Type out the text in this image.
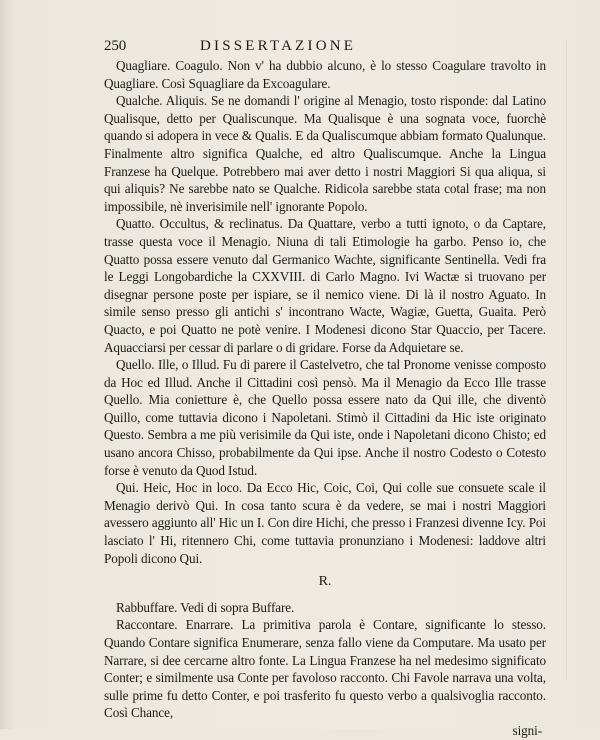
250	DISSERTAZIONE

Quagliare. Coagulo. Non v' ha dubbio alcuno, è lo stesso Coagulare travolto in Quagliare. Così Squagliare da Excoagulare.

Qualche. Aliquis. Se ne domandi l' origine al Menagio, tosto risponde: dal Latino Qualisque, detto per Qualiscunque. Ma Qualisque è una sognata voce, fuorchè quando si adopera in vece & Qualis. E da Qualiscumque abbiam formato Qualunque. Finalmente altro significa Qualche, ed altro Qualiscumque. Anche la Lingua Franzese ha Quelque. Potrebbero mai aver detto i nostri Maggiori Si qua aliqua, si qui aliquis? Ne sarebbe nato se Qualche. Ridicola sarebbe stata cotal frase; ma non impossibile, nè inverisimile nell' ignorante Popolo.

Quatto. Occultus, & reclinatus. Da Quattare, verbo a tutti ignoto, o da Captare, trasse questa voce il Menagio. Niuna di tali Etimologie ha garbo. Penso io, che Quatto possa essere venuto dal Germanico Wachte, significante Sentinella. Vedi fra le Leggi Longobardiche la CXXVIII. di Carlo Magno. Ivi Wactæ si truovano per disegnar persone poste per ispiare, se il nemico viene. Di là il nostro Aguato. In simile senso presso gli antichi s' incontrano Wacte, Wagiæ, Guetta, Guaita. Però Quacto, e poi Quatto ne potè venire. I Modenesi dicono Star Quaccio, per Tacere. Aquacciarsi per cessar di parlare o di gridare. Forse da Adquietare se.

Quello. Ille, o Illud. Fu di parere il Castelvetro, che tal Pronome venisse composto da Hoc ed Illud. Anche il Cittadini così pensò. Ma il Menagio da Ecco Ille trasse Quello. Mia conietture è, che Quello possa essere nato da Qui ille, che diventò Quillo, come tuttavia dicono i Napoletani. Stimò il Cittadini da Hic iste originato Questo. Sembra a me più verisimile da Qui iste, onde i Napoletani dicono Chisto; ed usano ancora Chisso, probabilmente da Qui ipse. Anche il nostro Codesto o Cotesto forse è venuto da Quod Istud.

Qui. Heic, Hoc in loco. Da Ecco Hic, Coic, Coi, Qui colle sue consuete scale il Menagio derivò Qui. In cosa tanto scura è da vedere, se mai i nostri Maggiori avessero aggiunto all' Hic un I. Con dire Hichi, che presso i Franzesi divenne Icy. Poi lasciato l' Hi, ritennero Chi, come tuttavia pronunziano i Modenesi: laddove altri Popoli dicono Qui.

R.

Rabbuffare. Vedi di sopra Buffare.

Raccontare. Enarrare. La primitiva parola è Contare, significante lo stesso. Quando Contare significa Enumerare, senza fallo viene da Computare. Ma usato per Narrare, si dee cercarne altro fonte. La Lingua Franzese ha nel medesimo significato Conter; e similmente usa Conte per favoloso racconto. Chi Favole narrava una volta, sulle prime fu detto Conter, e poi trasferito fu questo verbo a qualsivoglia racconto. Così Chance,

signi-
